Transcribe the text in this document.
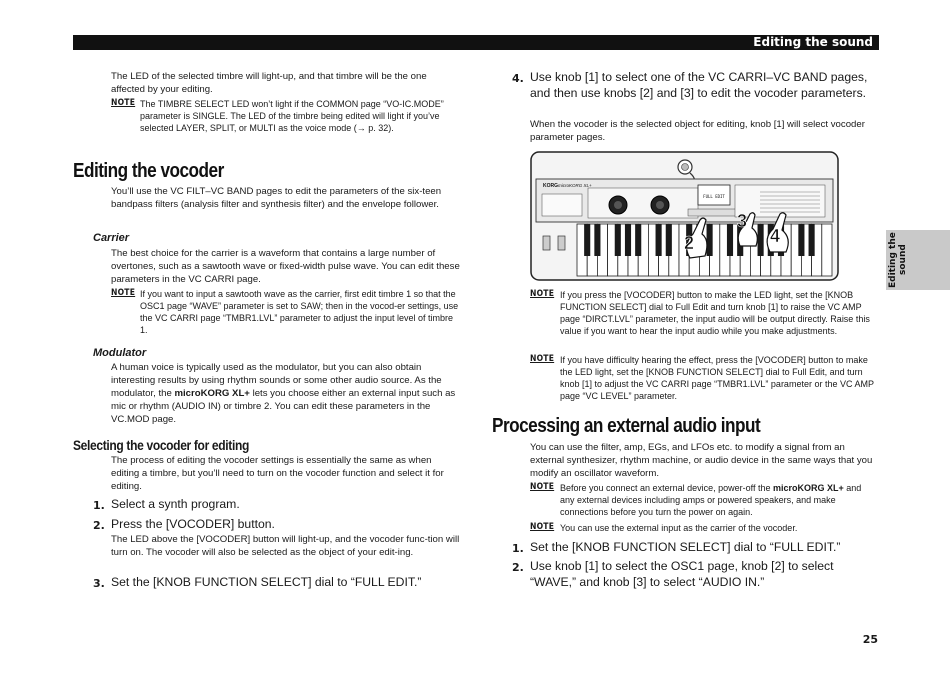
Editing the sound
Editing the sound
The LED of the selected timbre will light-up, and that timbre will be the one affected by your editing.
NOTE The TIMBRE SELECT LED won’t light if the COMMON page “VO-IC.MODE” parameter is SINGLE. The LED of the timbre being edited will light if you’ve selected LAYER, SPLIT, or MULTI as the voice mode (→ p. 32).

Editing the vocoder
You’ll use the VC FILT–VC BAND pages to edit the parameters of the six-teen bandpass filters (analysis filter and synthesis filter) and the envelope follower.
Carrier
The best choice for the carrier is a waveform that contains a large number of overtones, such as a sawtooth wave or fixed-width pulse wave. You can edit these parameters in the VC CARRI page.
NOTE If you want to input a sawtooth wave as the carrier, first edit timbre 1 so that the OSC1 page “WAVE” parameter is set to SAW; then in the vocod-er settings, use the VC CARRI page “TMBR1.LVL” parameter to adjust the input level of timbre 1.

Modulator
A human voice is typically used as the modulator, but you can also obtain interesting results by using rhythm sounds or some other audio source. As the modulator, the microKORG XL+ lets you choose either an external input such as mic or rhythm (AUDIO IN) or timbre 2. You can edit these parameters in the VC.MOD page.
Selecting the vocoder for editing
The process of editing the vocoder settings is essentially the same as when editing a timbre, but you’ll need to turn on the vocoder function and select it for editing.
1. Select a synth program.
2. Press the [VOCODER] button.
The LED above the [VOCODER] button will light-up, and the vocoder func-tion will turn on. The vocoder will also be selected as the object of your edit-ing.
3. Set the [KNOB FUNCTION SELECT] dial to “FULL EDIT.”
4. Use knob [1] to select one of the VC CARRI–VC BAND pages, and then use knobs [2] and [3] to edit the vocoder parameters.
When the vocoder is the selected object for editing, knob [1] will select vocoder parameter pages.
KORG microKORG XL+
FULL EDIT
2
3
4
NOTE If you press the [VOCODER] button to make the LED light, set the [KNOB FUNCTION SELECT] dial to Full Edit and turn knob [1] to raise the VC AMP page “DIRCT.LVL” parameter, the input audio will be output directly. Raise this value if you want to hear the input audio while you make adjustments.

NOTE If you have difficulty hearing the effect, press the [VOCODER] button to make the LED light, set the [KNOB FUNCTION SELECT] dial to Full Edit, and turn knob [1] to adjust the VC CARRI page “TMBR1.LVL” parameter or the VC AMP page “VC LEVEL” parameter.

Processing an external audio input
You can use the filter, amp, EGs, and LFOs etc. to modify a signal from an external synthesizer, rhythm machine, or audio device in the same ways that you modify an oscillator waveform.
NOTE Before you connect an external device, power-off the microKORG XL+ and any external devices including amps or powered speakers, and make connections before you turn the power on again.

NOTE You can use the external input as the carrier of the vocoder.

1. Set the [KNOB FUNCTION SELECT] dial to “FULL EDIT.”
2. Use knob [1] to select the OSC1 page, knob [2] to select “WAVE,” and knob [3] to select “AUDIO IN.”
25
